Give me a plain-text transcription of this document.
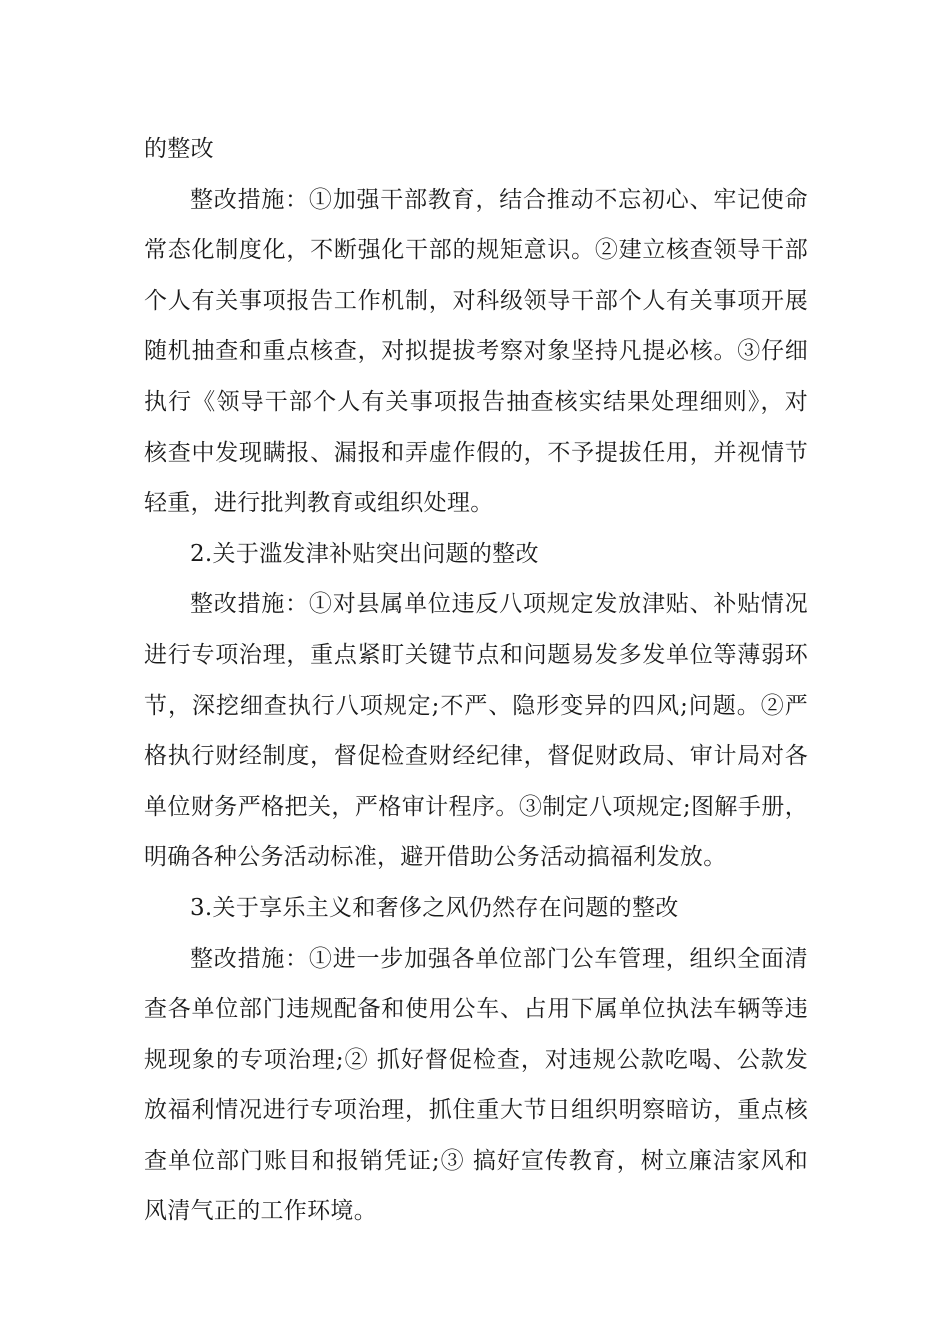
的整改

整改措施：①加强干部教育，结合推动不忘初心、牢记使命常态化制度化，不断强化干部的规矩意识。②建立核查领导干部个人有关事项报告工作机制，对科级领导干部个人有关事项开展随机抽查和重点核查，对拟提拔考察对象坚持凡提必核。③仔细执行《领导干部个人有关事项报告抽查核实结果处理细则》，对核查中发现瞒报、漏报和弄虚作假的，不予提拔任用，并视情节轻重，进行批判教育或组织处理。

2.关于滥发津补贴突出问题的整改

整改措施：①对县属单位违反八项规定发放津贴、补贴情况进行专项治理，重点紧盯关键节点和问题易发多发单位等薄弱环节，深挖细查执行八项规定;不严、隐形变异的四风;问题。②严格执行财经制度，督促检查财经纪律，督促财政局、审计局对各单位财务严格把关，严格审计程序。③制定八项规定;图解手册，明确各种公务活动标准，避开借助公务活动搞福利发放。

3.关于享乐主义和奢侈之风仍然存在问题的整改

整改措施：①进一步加强各单位部门公车管理，组织全面清查各单位部门违规配备和使用公车、占用下属单位执法车辆等违规现象的专项治理;② 抓好督促检查，对违规公款吃喝、公款发放福利情况进行专项治理，抓住重大节日组织明察暗访，重点核查单位部门账目和报销凭证;③ 搞好宣传教育，树立廉洁家风和风清气正的工作环境。
